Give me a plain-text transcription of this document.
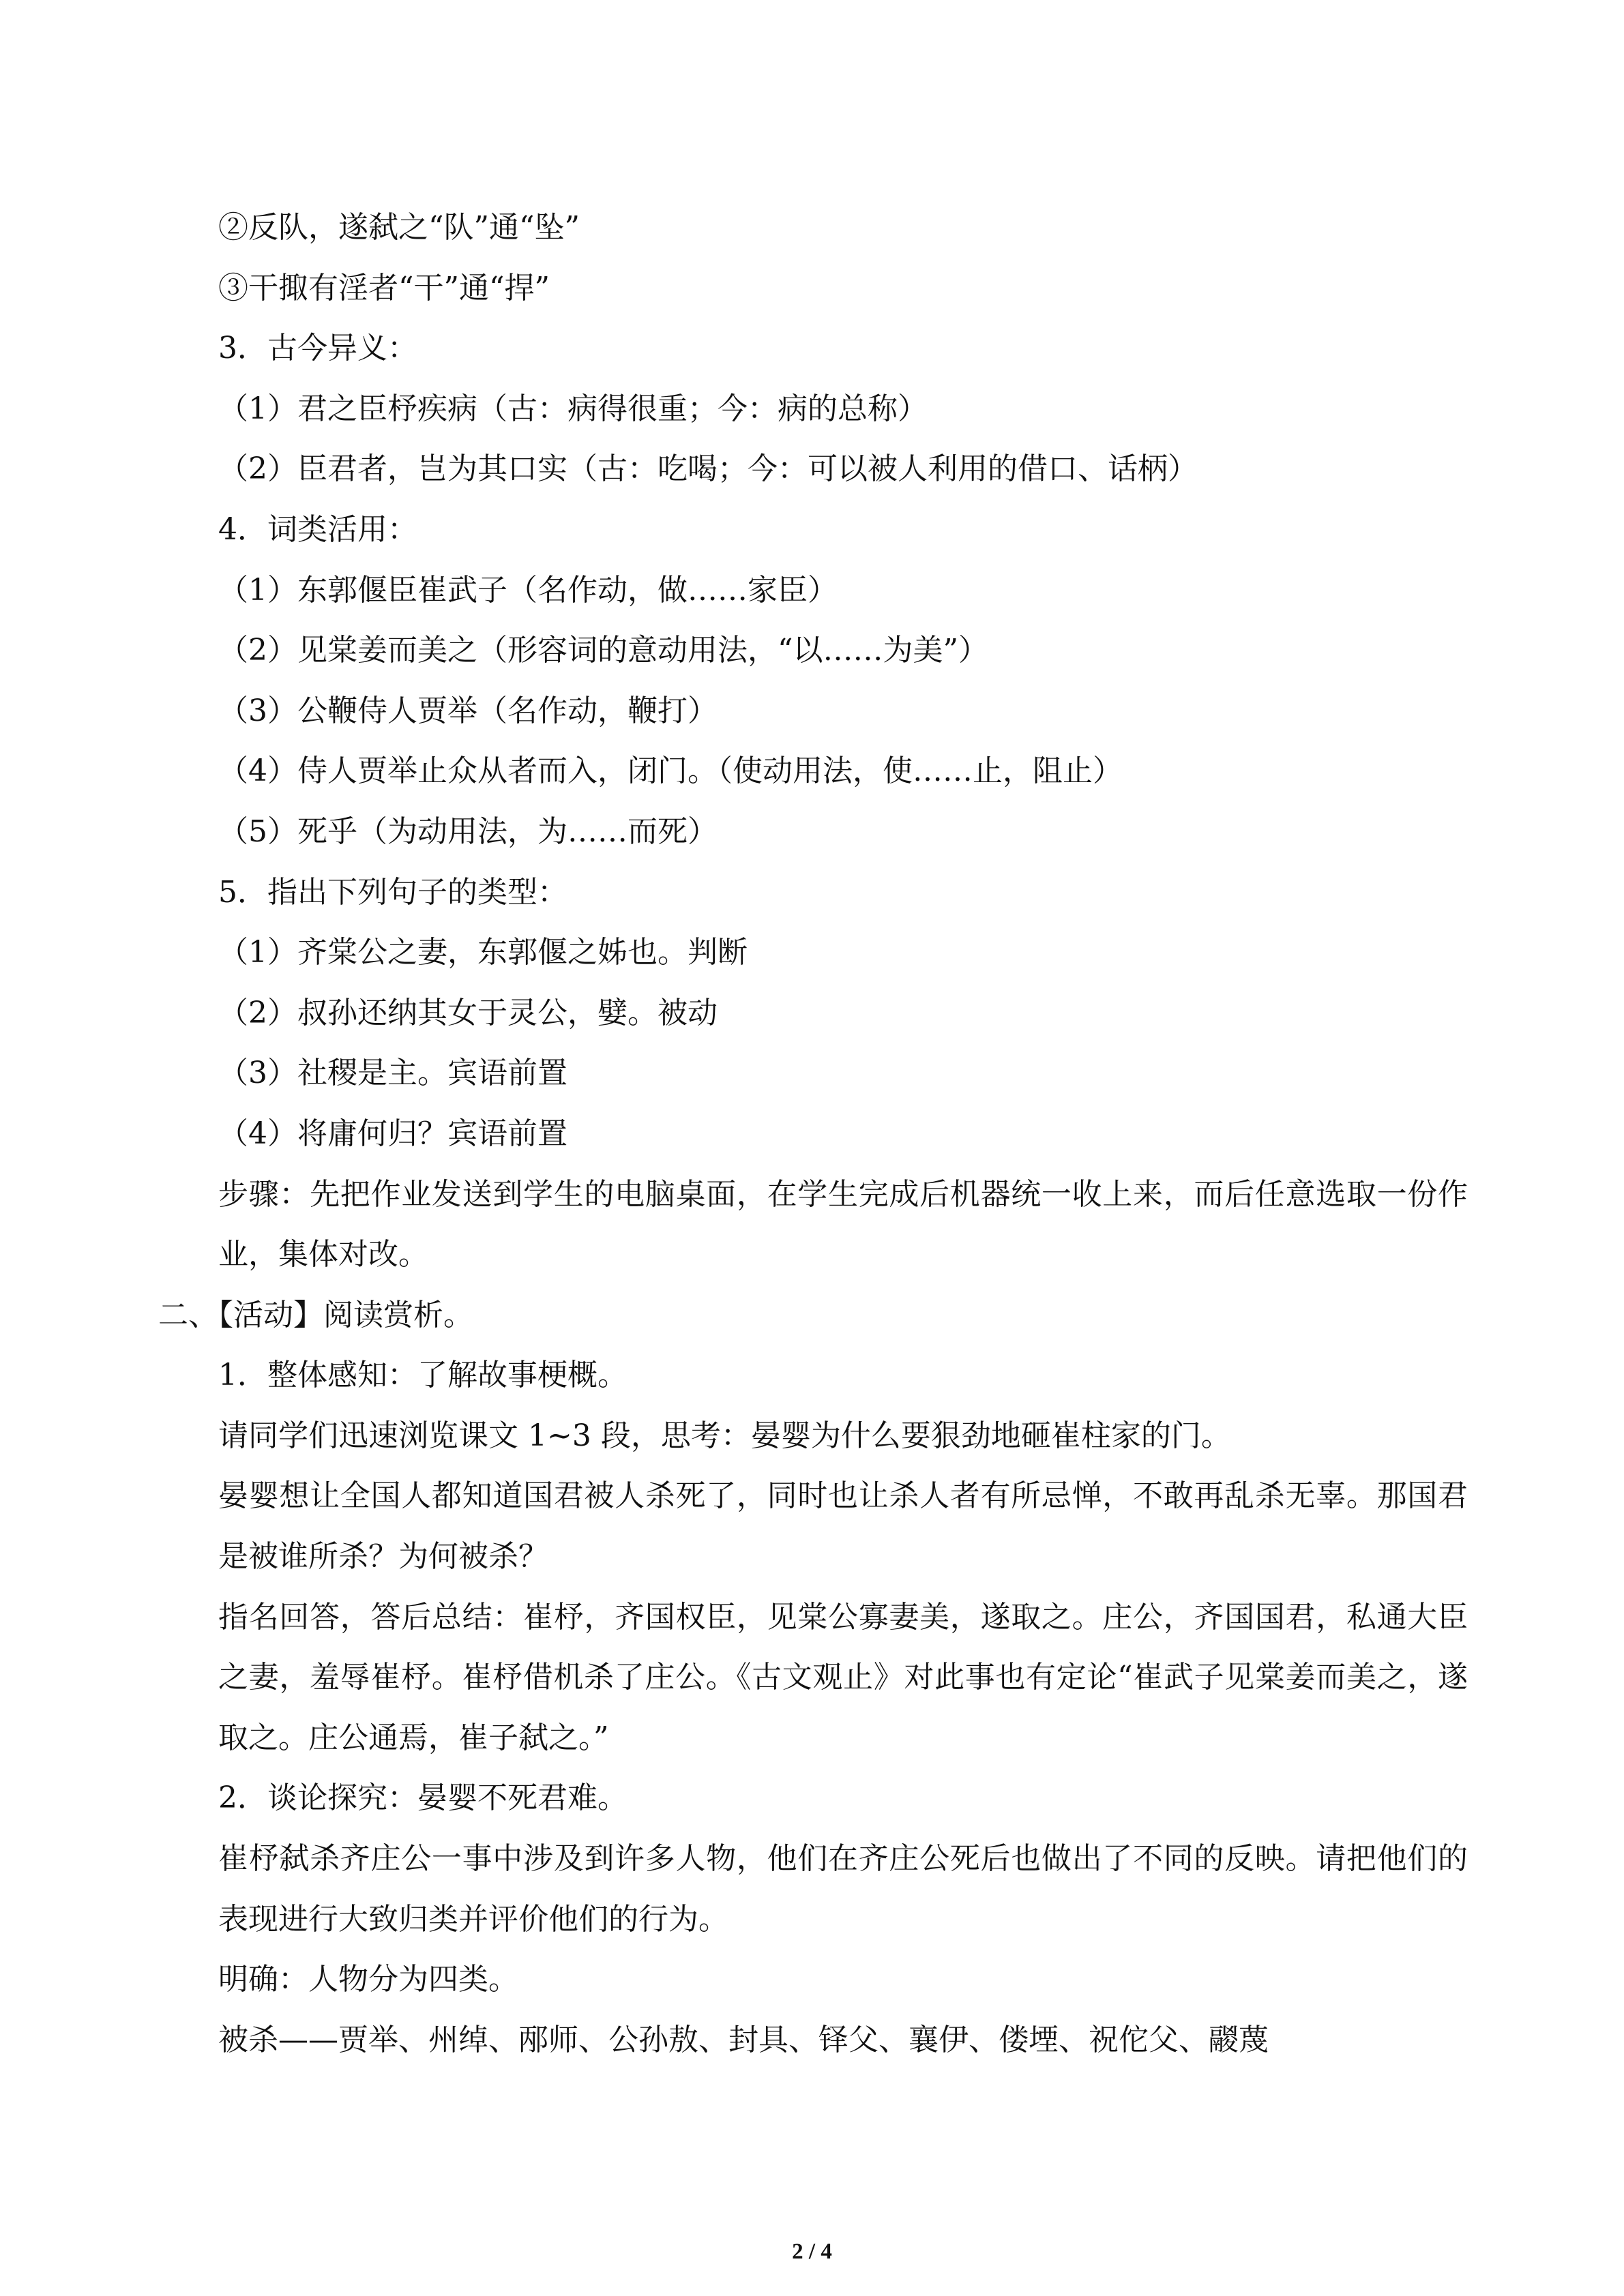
②反队，遂弑之“队”通“坠”

③干掫有淫者“干”通“捍”

3．古今异义：

（1）君之臣杼疾病（古：病得很重；今：病的总称）

（2）臣君者，岂为其口实（古：吃喝；今：可以被人利用的借口、话柄）

4．词类活用：

（1）东郭偃臣崔武子（名作动，做……家臣）

（2）见棠姜而美之（形容词的意动用法，“以……为美”）

（3）公鞭侍人贾举（名作动，鞭打）

（4）侍人贾举止众从者而入，闭门。（使动用法，使……止，阻止）

（5）死乎（为动用法，为……而死）

5．指出下列句子的类型：

（1）齐棠公之妻，东郭偃之姊也。判断

（2）叔孙还纳其女于灵公，嬖。被动

（3）社稷是主。宾语前置

（4）将庸何归？宾语前置

步骤：先把作业发送到学生的电脑桌面，在学生完成后机器统一收上来，而后任意选取一份作业，集体对改。

二、【活动】阅读赏析。

1．整体感知：了解故事梗概。

请同学们迅速浏览课文 1~3 段，思考：晏婴为什么要狠劲地砸崔柱家的门。

晏婴想让全国人都知道国君被人杀死了，同时也让杀人者有所忌惮，不敢再乱杀无辜。那国君是被谁所杀？为何被杀？

指名回答，答后总结：崔杼，齐国权臣，见棠公寡妻美，遂取之。庄公，齐国国君，私通大臣之妻，羞辱崔杼。崔杼借机杀了庄公。《古文观止》对此事也有定论“崔武子见棠姜而美之，遂取之。庄公通焉，崔子弑之。”

2．谈论探究：晏婴不死君难。

崔杼弑杀齐庄公一事中涉及到许多人物，他们在齐庄公死后也做出了不同的反映。请把他们的表现进行大致归类并评价他们的行为。

明确：人物分为四类。

被杀——贾举、州绰、邴师、公孙敖、封具、铎父、襄伊、偻堙、祝佗父、鬷蔑

2 / 4
